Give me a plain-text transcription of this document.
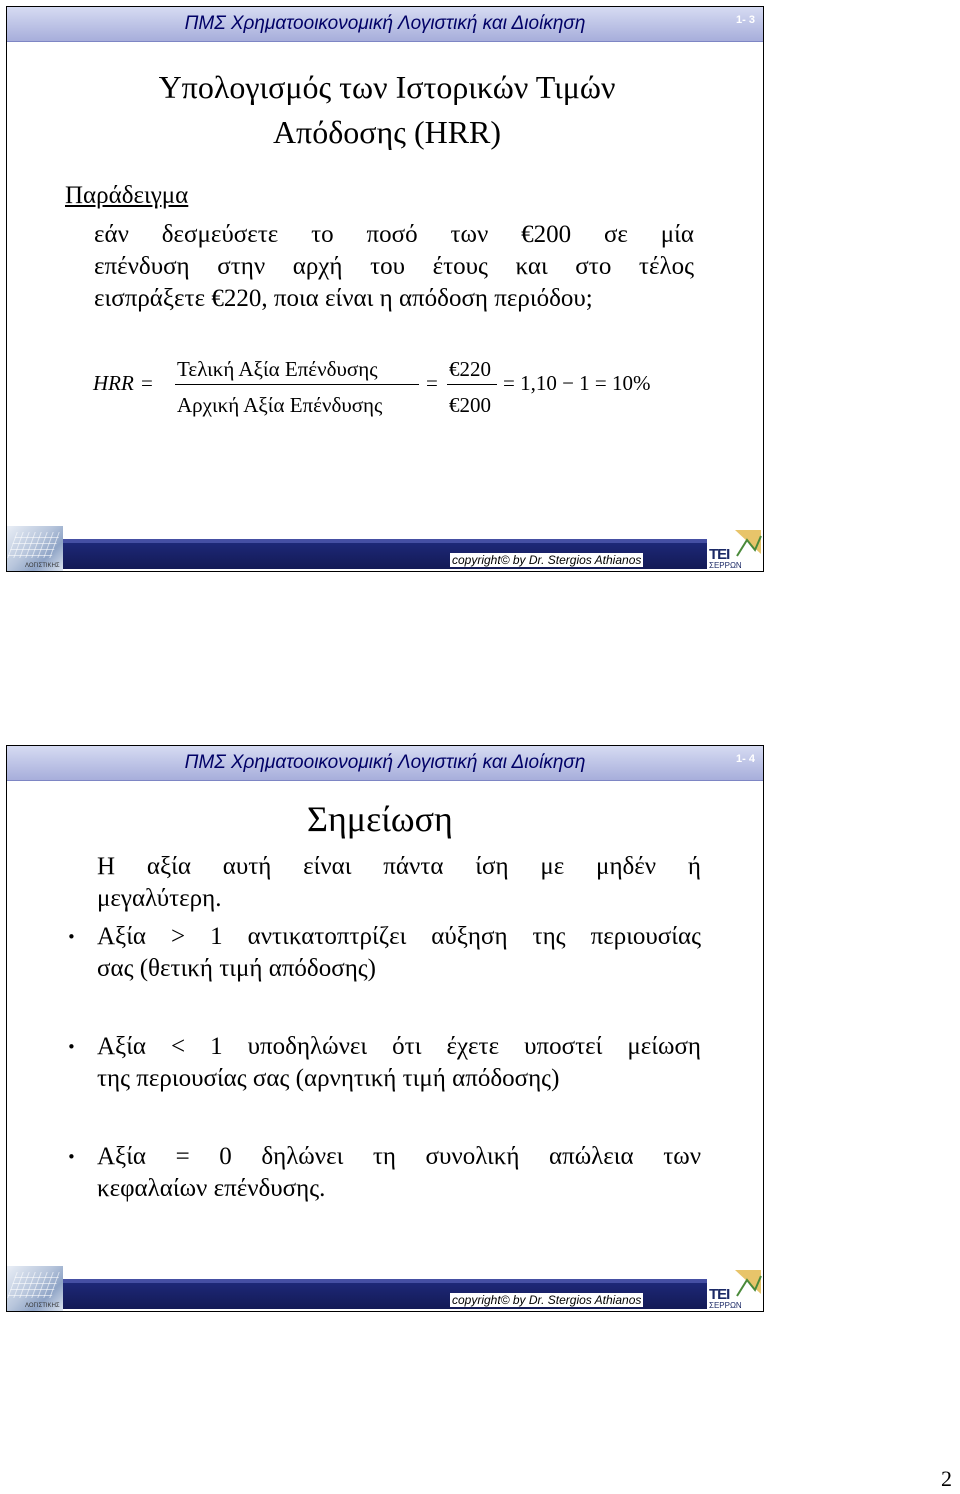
ΠΜΣ Χρηματοοικονομική Λογιστική και Διοίκηση	1- 3
Υπολογισμός των Ιστορικών Τιμών
Απόδοσης (HRR)
Παράδειγμα
εάν δεσμεύσετε το ποσό των €200 σε μία
επένδυση στην αρχή του έτους και στο τέλος
εισπράξετε €220, ποια είναι η απόδοση περιόδου;
HRR =
Τελική Αξία Επένδυσης
Αρχική Αξία Επένδυσης
=
€220
€200
= 1,10 − 1 = 10%
ΛΟΓΙΣΤΙΚΗΣ	copyright© by Dr. Stergios Athianos	ΤΕΙ
ΣΕΡΡΩΝ
ΠΜΣ Χρηματοοικονομική Λογιστική και Διοίκηση	1- 4
Σημείωση

Η αξία αυτή είναι πάντα ίση με μηδέν ή

μεγαλύτερη.

• Αξία > 1 αντικατοπτρίζει αύξηση της περιουσίας

σας (θετική τιμή απόδοσης)

• Αξία < 1 υποδηλώνει ότι έχετε υποστεί μείωση

της περιουσίας σας (αρνητική τιμή απόδοσης)

• Αξία = 0 δηλώνει τη συνολική απώλεια των

κεφαλαίων επένδυσης.

ΛΟΓΙΣΤΙΚΗΣ	copyright© by Dr. Stergios Athianos	ΤΕΙ
ΣΕΡΡΩΝ
2
